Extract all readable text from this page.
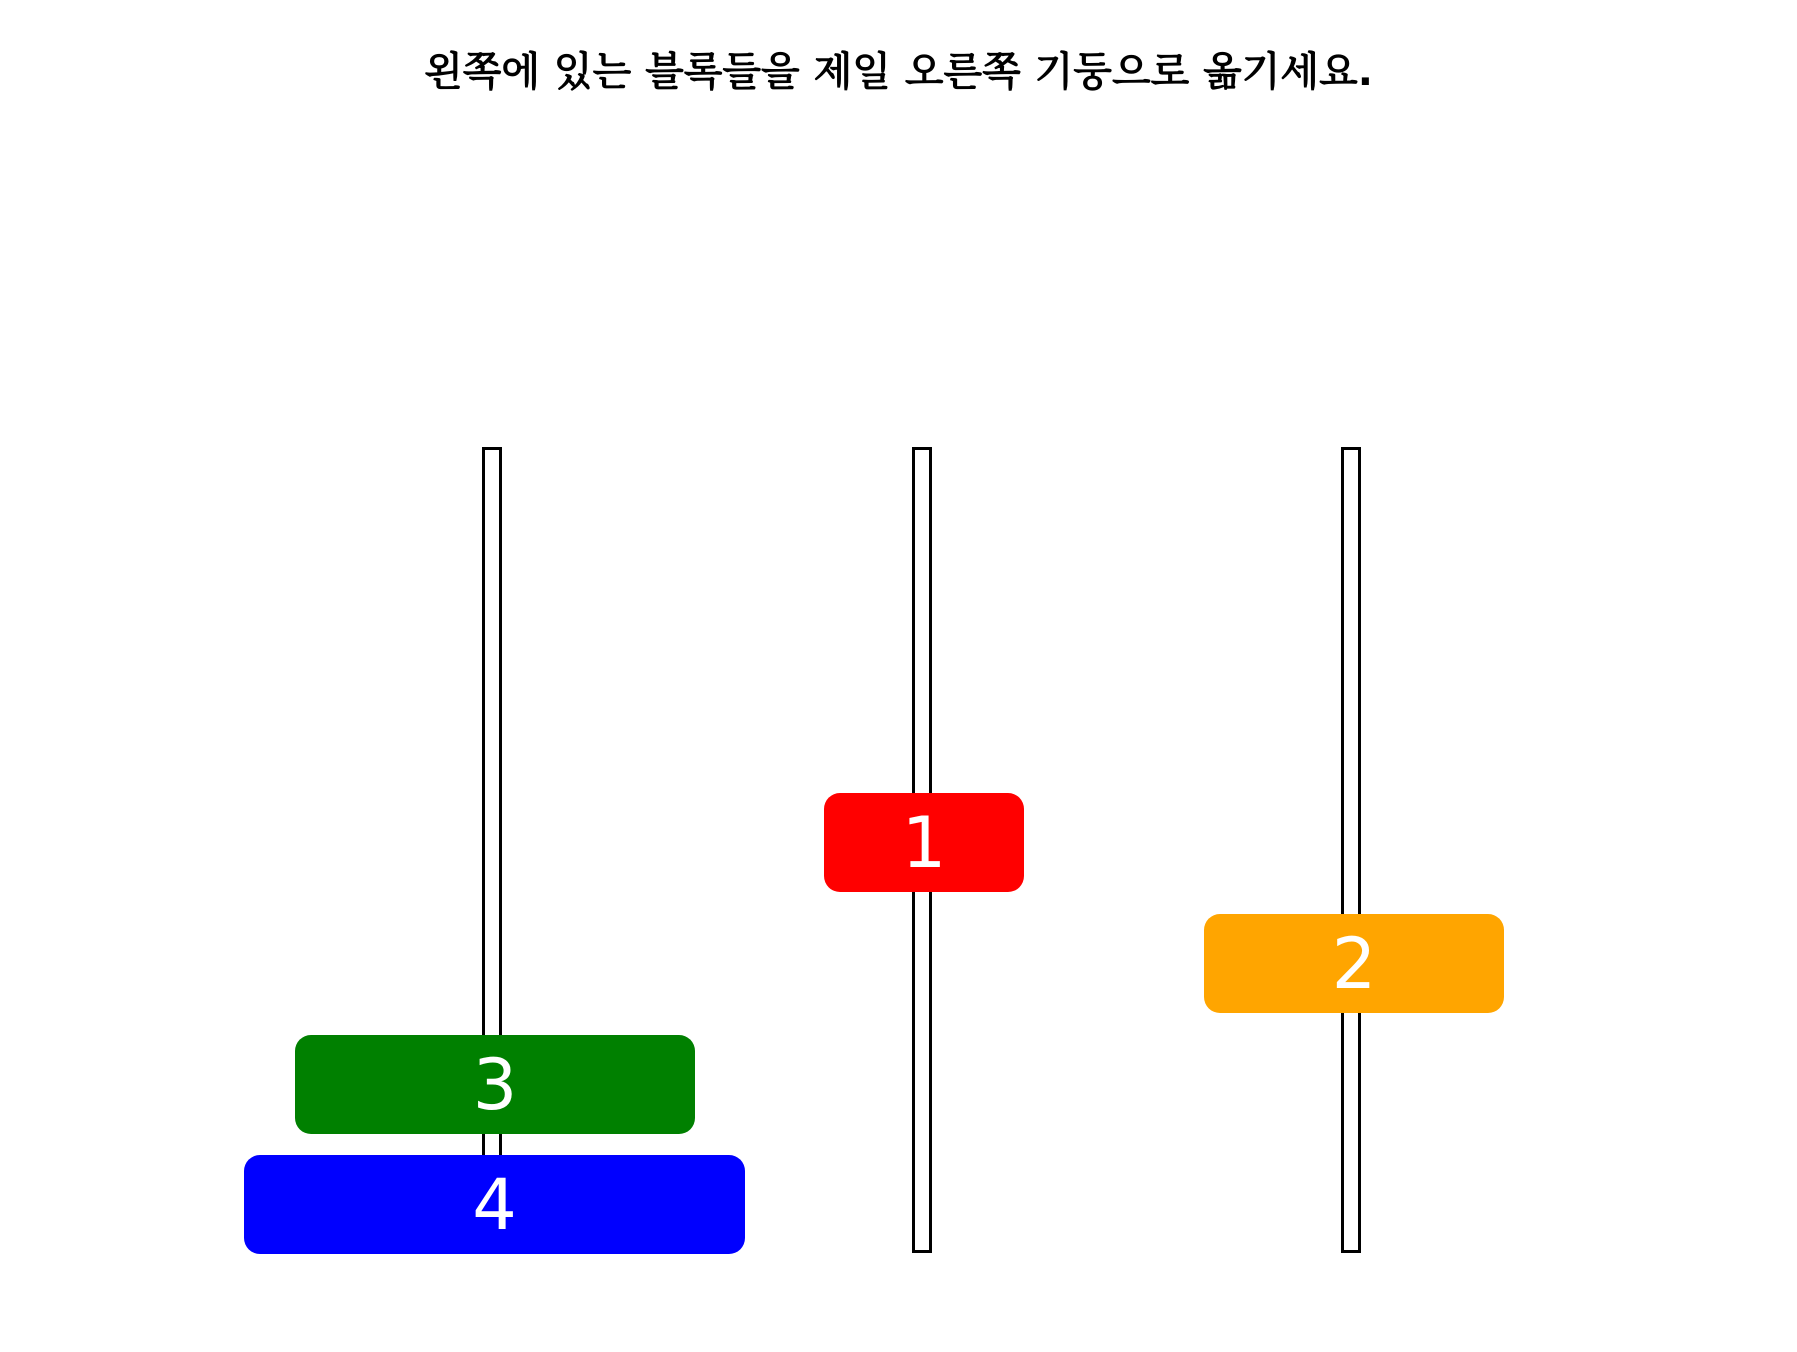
왼쪽에 있는 블록들을 제일 오른쪽 기둥으로 옮기세요.
1
2
3
4
